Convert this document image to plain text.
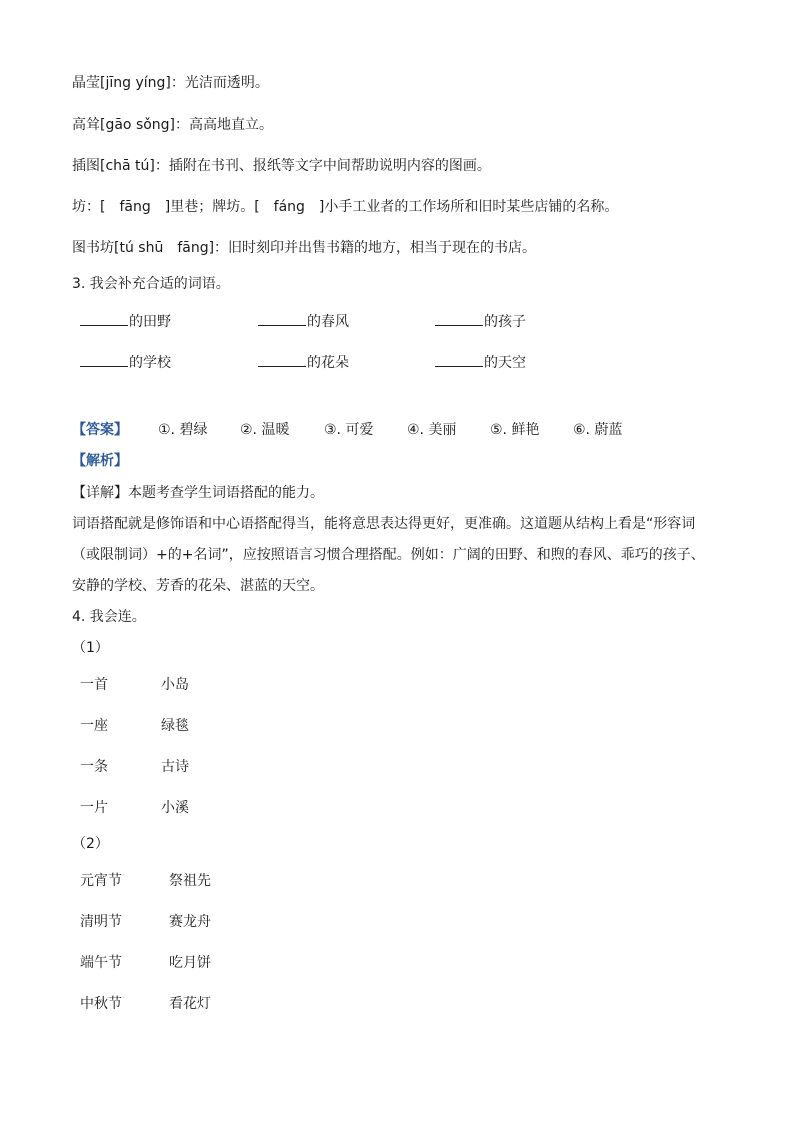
晶莹[jīng yíng]：光洁而透明。
高耸[gāo sǒng]：高高地直立。
插图[chā tú]：插附在书刊、报纸等文字中间帮助说明内容的图画。
坊：[　fāng　]里巷；牌坊。[　fáng　]小手工业者的工作场所和旧时某些店铺的名称。
图书坊[tú shū　fāng]：旧时刻印并出售书籍的地方，相当于现在的书店。
3. 我会补充合适的词语。
的田野	的春风	的孩子
的学校	的花朵	的天空
【答案】 ①. 碧绿 ②. 温暖 ③. 可爱 ④. 美丽 ⑤. 鲜艳 ⑥. 蔚蓝
【解析】
【详解】本题考查学生词语搭配的能力。
词语搭配就是修饰语和中心语搭配得当，能将意思表达得更好，更准确。这道题从结构上看是“形容词
（或限制词）+的+名词”，应按照语言习惯合理搭配。例如：广阔的田野、和煦的春风、乖巧的孩子、
安静的学校、芳香的花朵、湛蓝的天空。
4. 我会连。
（1）
一首	小岛
一座	绿毯
一条	古诗
一片	小溪
（2）
元宵节	祭祖先
清明节	赛龙舟
端午节	吃月饼
中秋节	看花灯
